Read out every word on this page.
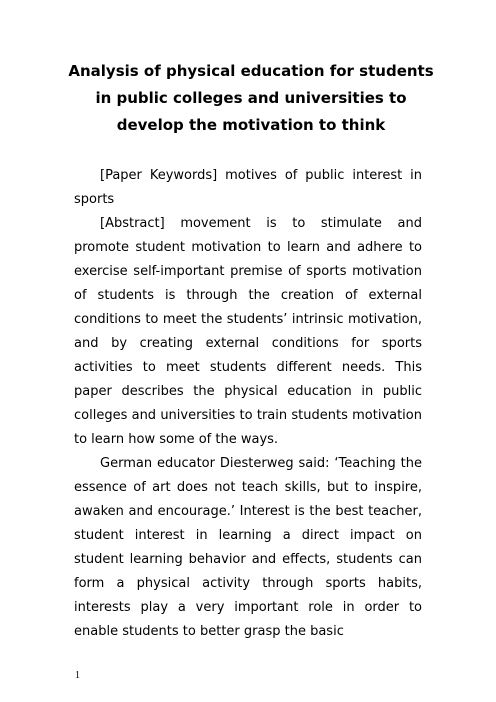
Analysis of physical education for students in public colleges and universities to develop the motivation to think

[Paper Keywords] motives of public interest in sports

[Abstract] movement is to stimulate and promote student motivation to learn and adhere to exercise self-important premise of sports motivation of students is through the creation of external conditions to meet the students’ intrinsic motivation, and by creating external conditions for sports activities to meet students different needs. This paper describes the physical education in public colleges and universities to train students motivation to learn how some of the ways.

German educator Diesterweg said: ‘Teaching the essence of art does not teach skills, but to inspire, awaken and encourage.’ Interest is the best teacher, student interest in learning a direct impact on student learning behavior and effects, students can form a physical activity through sports habits, interests play a very important role in order to enable students to better grasp the basic

1
